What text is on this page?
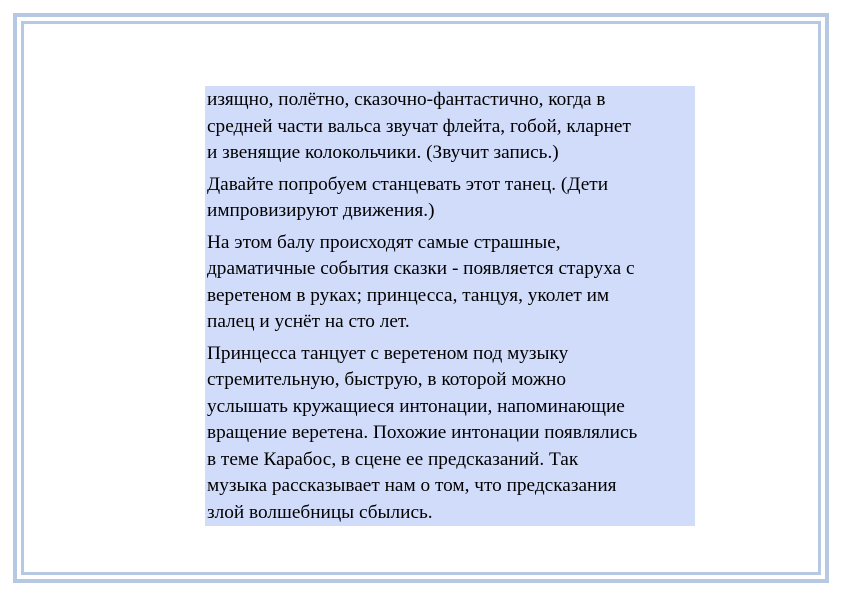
изящно, полётно, сказочно-фантастично, когда в
средней части вальса звучат флейта, гобой, кларнет
и звенящие колокольчики. (Звучит запись.)

Давайте попробуем станцевать этот танец. (Дети
импровизируют движения.)

На этом балу происходят самые страшные,
драматичные события сказки - появляется старуха с
веретеном в руках; принцесса, танцуя, уколет им
палец и уснёт на сто лет.

Принцесса танцует с веретеном под музыку
стремительную, быструю, в которой можно
услышать кружащиеся интонации, напоминающие
вращение веретена. Похожие интонации появлялись
в теме Карабос, в сцене ее предсказаний. Так
музыка рассказывает нам о том, что предсказания
злой волшебницы сбылись.
